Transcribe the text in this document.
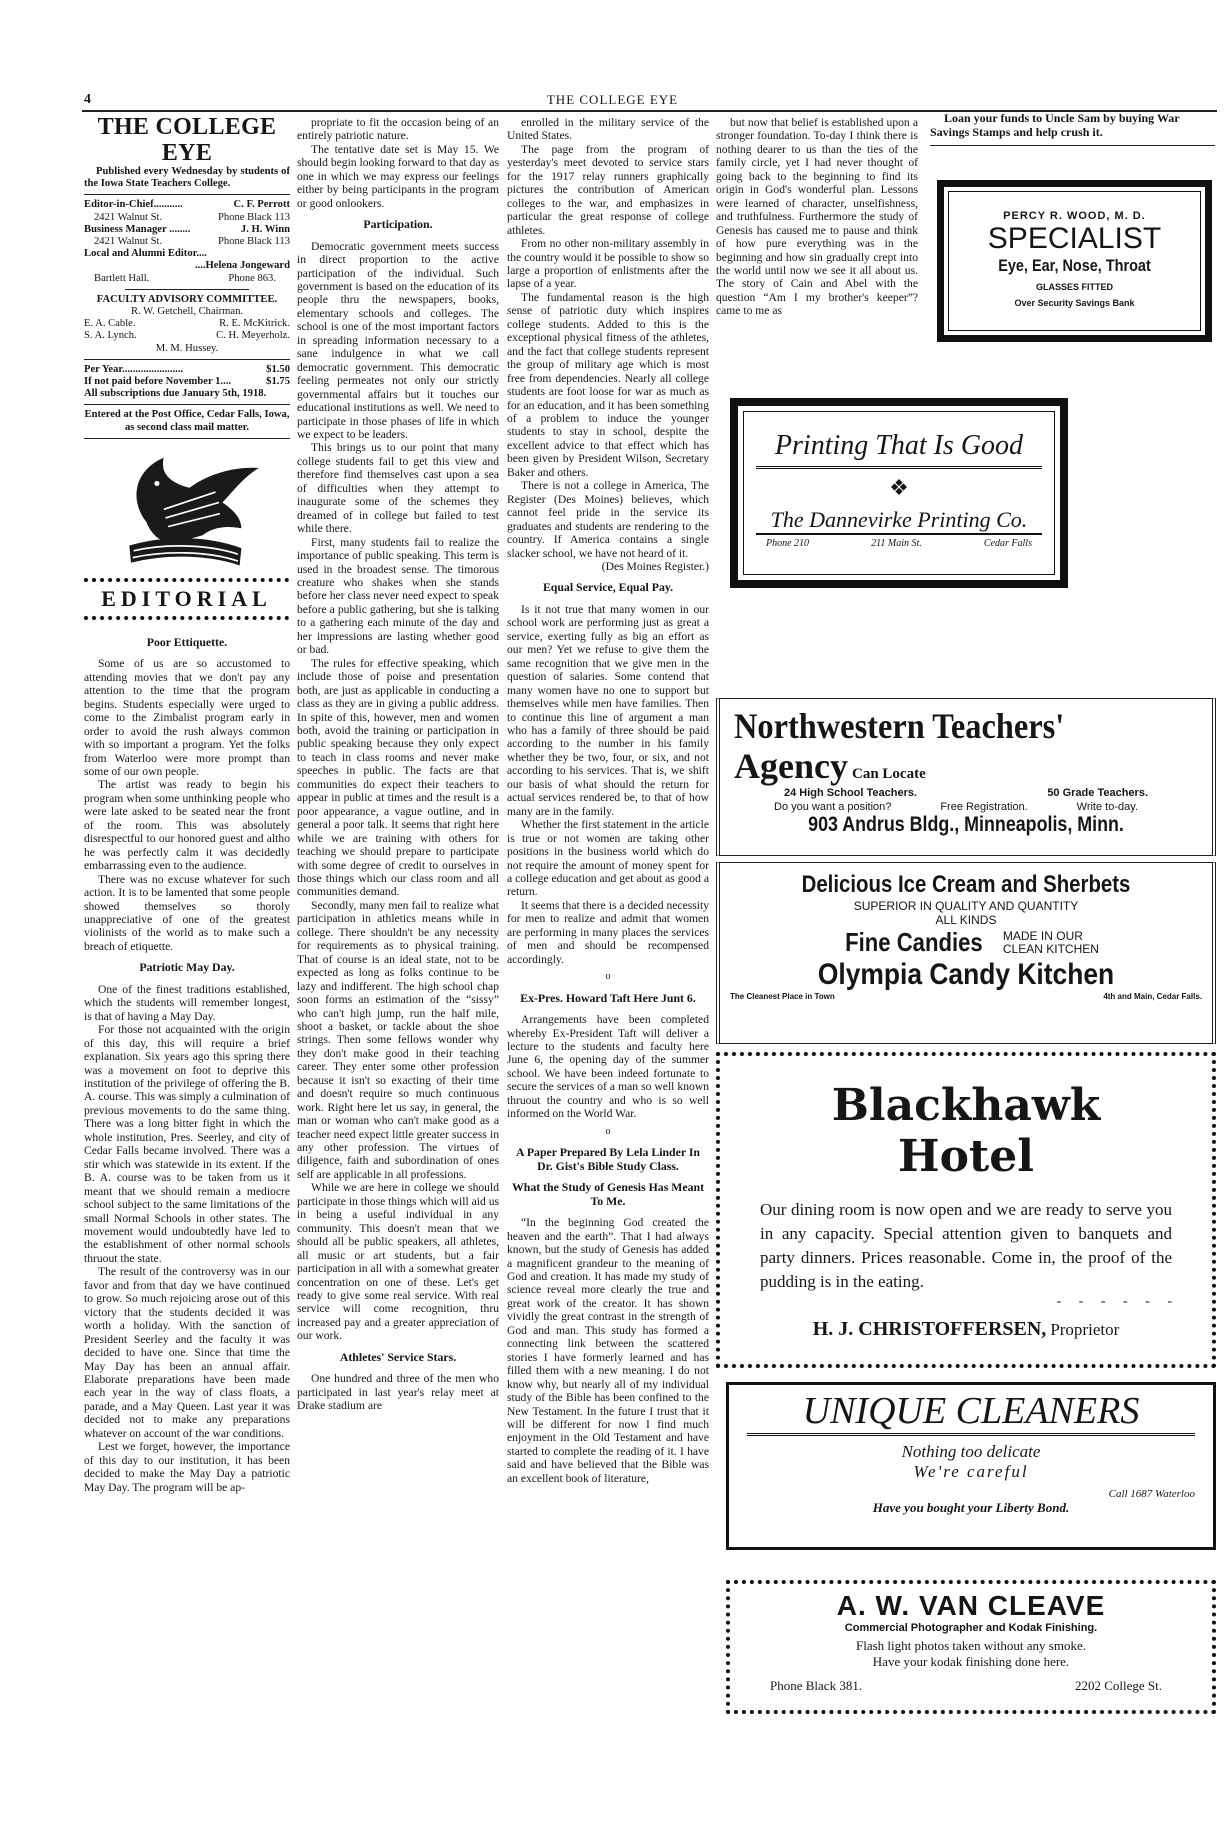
4	THE COLLEGE EYE
THE COLLEGE EYE
Published every Wednesday by students of the Iowa State Teachers College.
Editor-in-Chief...........	C. F. Perrott
2421 Walnut St.	Phone Black 113
Business Manager ........	J. H. Winn
2421 Walnut St.	Phone Black 113
Local and Alumni Editor....
....Helena Jongeward
Bartlett Hall.	Phone 863.
FACULTY ADVISORY COMMITTEE.
R. W. Getchell, Chairman.
E. A. Cable.	R. E. McKitrick.
S. A. Lynch.	C. H. Meyerholz.
M. M. Hussey.
Per Year.......................	$1.50
If not paid before November 1....	$1.75
All subscriptions due January 5th, 1918.
Entered at the Post Office, Cedar Falls, Iowa, as second class mail matter.
EDITORIAL
Poor Ettiquette.

Some of us are so accustomed to attending movies that we don't pay any attention to the time that the program begins. Students especially were urged to come to the Zimbalist program early in order to avoid the rush always common with so important a program. Yet the folks from Waterloo were more prompt than some of our own people.

The artist was ready to begin his program when some unthinking people who were late asked to be seated near the front of the room. This was absolutely disrespectful to our honored guest and altho he was perfectly calm it was decidedly embarrassing even to the audience.

There was no excuse whatever for such action. It is to be lamented that some people showed themselves so thoroly unappreciative of one of the greatest violinists of the world as to make such a breach of etiquette.

Patriotic May Day.

One of the finest traditions established, which the students will remember longest, is that of having a May Day.

For those not acquainted with the origin of this day, this will require a brief explanation. Six years ago this spring there was a movement on foot to deprive this institution of the privilege of offering the B. A. course. This was simply a culmination of previous movements to do the same thing. There was a long bitter fight in which the whole institution, Pres. Seerley, and city of Cedar Falls became involved. There was a stir which was statewide in its extent. If the B. A. course was to be taken from us it meant that we should remain a mediocre school subject to the same limitations of the small Normal Schools in other states. The movement would undoubtedly have led to the establishment of other normal schools thruout the state.

The result of the controversy was in our favor and from that day we have continued to grow. So much rejoicing arose out of this victory that the students decided it was worth a holiday. With the sanction of President Seerley and the faculty it was decided to have one. Since that time the May Day has been an annual affair. Elaborate preparations have been made each year in the way of class floats, a parade, and a May Queen. Last year it was decided not to make any preparations whatever on account of the war conditions.

Lest we forget, however, the importance of this day to our institution, it has been decided to make the May Day a patriotic May Day. The program will be ap-

propriate to fit the occasion being of an entirely patriotic nature.

The tentative date set is May 15. We should begin looking forward to that day as one in which we may express our feelings either by being participants in the program or good onlookers.

Participation.

Democratic government meets success in direct proportion to the active participation of the individual. Such government is based on the education of its people thru the newspapers, books, elementary schools and colleges. The school is one of the most important factors in spreading information necessary to a sane indulgence in what we call democratic government. This democratic feeling permeates not only our strictly governmental affairs but it touches our educational institutions as well. We need to participate in those phases of life in which we expect to be leaders.

This brings us to our point that many college students fail to get this view and therefore find themselves cast upon a sea of difficulties when they attempt to inaugurate some of the schemes they dreamed of in college but failed to test while there.

First, many students fail to realize the importance of public speaking. This term is used in the broadest sense. The timorous creature who shakes when she stands before her class never need expect to speak before a public gathering, but she is talking to a gathering each minute of the day and her impressions are lasting whether good or bad.

The rules for effective speaking, which include those of poise and presentation both, are just as applicable in conducting a class as they are in giving a public address. In spite of this, however, men and women both, avoid the training or participation in public speaking because they only expect to teach in class rooms and never make speeches in public. The facts are that communities do expect their teachers to appear in public at times and the result is a poor appearance, a vague outline, and in general a poor talk. It seems that right here while we are training with others for teaching we should prepare to participate with some degree of credit to ourselves in those things which our class room and all communities demand.

Secondly, many men fail to realize what participation in athletics means while in college. There shouldn't be any necessity for requirements as to physical training. That of course is an ideal state, not to be expected as long as folks continue to be lazy and indifferent. The high school chap soon forms an estimation of the “sissy” who can't high jump, run the half mile, shoot a basket, or tackle about the shoe strings. Then some fellows wonder why they don't make good in their teaching career. They enter some other profession because it isn't so exacting of their time and doesn't require so much continuous work. Right here let us say, in general, the man or woman who can't make good as a teacher need expect little greater success in any other profession. The virtues of diligence, faith and subordination of ones self are applicable in all professions.

While we are here in college we should participate in those things which will aid us in being a useful individual in any community. This doesn't mean that we should all be public speakers, all athletes, all music or art students, but a fair participation in all with a somewhat greater concentration on one of these. Let's get ready to give some real service. With real service will come recognition, thru increased pay and a greater appreciation of our work.

Athletes' Service Stars.

One hundred and three of the men who participated in last year's relay meet at Drake stadium are

enrolled in the military service of the United States.

The page from the program of yesterday's meet devoted to service stars for the 1917 relay runners graphically pictures the contribution of American colleges to the war, and emphasizes in particular the great response of college athletes.

From no other non-military assembly in the country would it be possible to show so large a proportion of enlistments after the lapse of a year.

The fundamental reason is the high sense of patriotic duty which inspires college students. Added to this is the exceptional physical fitness of the athletes, and the fact that college students represent the group of military age which is most free from dependencies. Nearly all college students are foot loose for war as much as for an education, and it has been something of a problem to induce the younger students to stay in school, despite the excellent advice to that effect which has been given by President Wilson, Secretary Baker and others.

There is not a college in America, The Register (Des Moines) believes, which cannot feel pride in the service its graduates and students are rendering to the country. If America contains a single slacker school, we have not heard of it.

(Des Moines Register.)

Equal Service, Equal Pay.

Is it not true that many women in our school work are performing just as great a service, exerting fully as big an effort as our men? Yet we refuse to give them the same recognition that we give men in the question of salaries. Some contend that many women have no one to support but themselves while men have families. Then to continue this line of argument a man who has a family of three should be paid according to the number in his family whether they be two, four, or six, and not according to his services. That is, we shift our basis of what should the return for actual services rendered be, to that of how many are in the family.

Whether the first statement in the article is true or not women are taking other positions in the business world which do not require the amount of money spent for a college education and get about as good a return.

It seems that there is a decided necessity for men to realize and admit that women are performing in many places the services of men and should be recompensed accordingly.

o

Ex-Pres. Howard Taft Here Junt 6.

Arrangements have been completed whereby Ex-President Taft will deliver a lecture to the students and faculty here June 6, the opening day of the summer school. We have been indeed fortunate to secure the services of a man so well known thruout the country and who is so well informed on the World War.

o

A Paper Prepared By Lela Linder In Dr. Gist's Bible Study Class.
What the Study of Genesis Has Meant To Me.

“In the beginning God created the heaven and the earth”. That I had always known, but the study of Genesis has added a magnificent grandeur to the meaning of God and creation. It has made my study of science reveal more clearly the true and great work of the creator. It has shown vividly the great contrast in the strength of God and man. This study has formed a connecting link between the scattered stories I have formerly learned and has filled them with a new meaning. I do not know why, but nearly all of my individual study of the Bible has been confined to the New Testament. In the future I trust that it will be different for now I find much enjoyment in the Old Testament and have started to complete the reading of it. I have said and have believed that the Bible was an excellent book of literature,

but now that belief is established upon a stronger foundation. To-day I think there is nothing dearer to us than the ties of the family circle, yet I had never thought of going back to the beginning to find its origin in God's wonderful plan. Lessons were learned of character, unselfishness, and truthfulness. Furthermore the study of Genesis has caused me to pause and think of how pure everything was in the beginning and how sin gradually crept into the world until now we see it all about us. The story of Cain and Abel with the question “Am I my brother's keeper”? came to me as

Loan your funds to Uncle Sam by buying War Savings Stamps and help crush it.
PERCY R. WOOD, M. D.
SPECIALIST
Eye, Ear, Nose, Throat
GLASSES FITTED
Over Security Savings Bank
Printing That Is Good
❖
The Dannevirke Printing Co.
Phone 210	211 Main St.	Cedar Falls
Northwestern Teachers'
Agency Can Locate
24 High School Teachers.	50 Grade Teachers.
Do you want a position?	Free Registration.	Write to-day.
903 Andrus Bldg., Minneapolis, Minn.
Delicious Ice Cream and Sherbets
SUPERIOR IN QUALITY AND QUANTITY
ALL KINDS
Fine Candies MADE IN OUR
CLEAN KITCHEN
Olympia Candy Kitchen
The Cleanest Place in Town	4th and Main, Cedar Falls.
Blackhawk Hotel
Our dining room is now open and we are ready to serve you in any capacity. Special attention given to banquets and party dinners. Prices reasonable. Come in, the proof of the pudding is in the eating.
-     -     -     -     -     -
H. J. CHRISTOFFERSEN, Proprietor
UNIQUE CLEANERS
Nothing too delicate
We're careful
Call 1687 Waterloo
Have you bought your Liberty Bond.
A. W. VAN CLEAVE
Commercial Photographer and Kodak Finishing.
Flash light photos taken without any smoke.
Have your kodak finishing done here.
Phone Black 381.	2202 College St.
